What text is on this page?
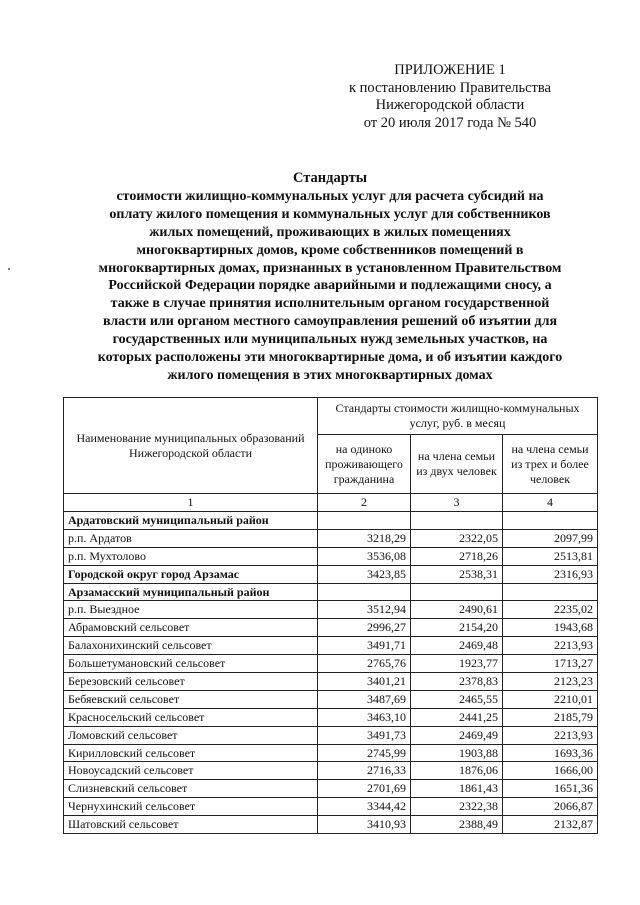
ПРИЛОЖЕНИЕ 1
к постановлению Правительства
Нижегородской области
от 20 июля 2017 года № 540
Стандарты
стоимости жилищно-коммунальных услуг для расчета субсидий на
оплату жилого помещения и коммунальных услуг для собственников
жилых помещений, проживающих в жилых помещениях
многоквартирных домов, кроме собственников помещений в
многоквартирных домах, признанных в установленном Правительством
Российской Федерации порядке аварийными и подлежащими сносу, а
также в случае принятия исполнительным органом государственной
власти или органом местного самоуправления решений об изъятии для
государственных или муниципальных нужд земельных участков, на
которых расположены эти многоквартирные дома, и об изъятии каждого
жилого помещения в этих многоквартирных домах
Наименование муниципальных образований Нижегородской области	Стандарты стоимости жилищно-коммунальных услуг, руб. в месяц		
	на одиноко проживающего гражданина	на члена семьи из двух человек	на члена семьи из трех и более человек
1	2	3	4
Ардатовский муниципальный район			
р.п. Ардатов	3218,29	2322,05	2097,99
р.п. Мухтолово	3536,08	2718,26	2513,81
Городской округ город Арзамас	3423,85	2538,31	2316,93
Арзамасский муниципальный район			
р.п. Выездное	3512,94	2490,61	2235,02
Абрамовский сельсовет	2996,27	2154,20	1943,68
Балахонихинский сельсовет	3491,71	2469,48	2213,93
Большетумановский сельсовет	2765,76	1923,77	1713,27
Березовский сельсовет	3401,21	2378,83	2123,23
Бебяевский сельсовет	3487,69	2465,55	2210,01
Красносельский сельсовет	3463,10	2441,25	2185,79
Ломовский сельсовет	3491,73	2469,49	2213,93
Кирилловский сельсовет	2745,99	1903,88	1693,36
Новоусадский сельсовет	2716,33	1876,06	1666,00
Слизневский сельсовет	2701,69	1861,43	1651,36
Чернухинский сельсовет	3344,42	2322,38	2066,87
Шатовский сельсовет	3410,93	2388,49	2132,87
